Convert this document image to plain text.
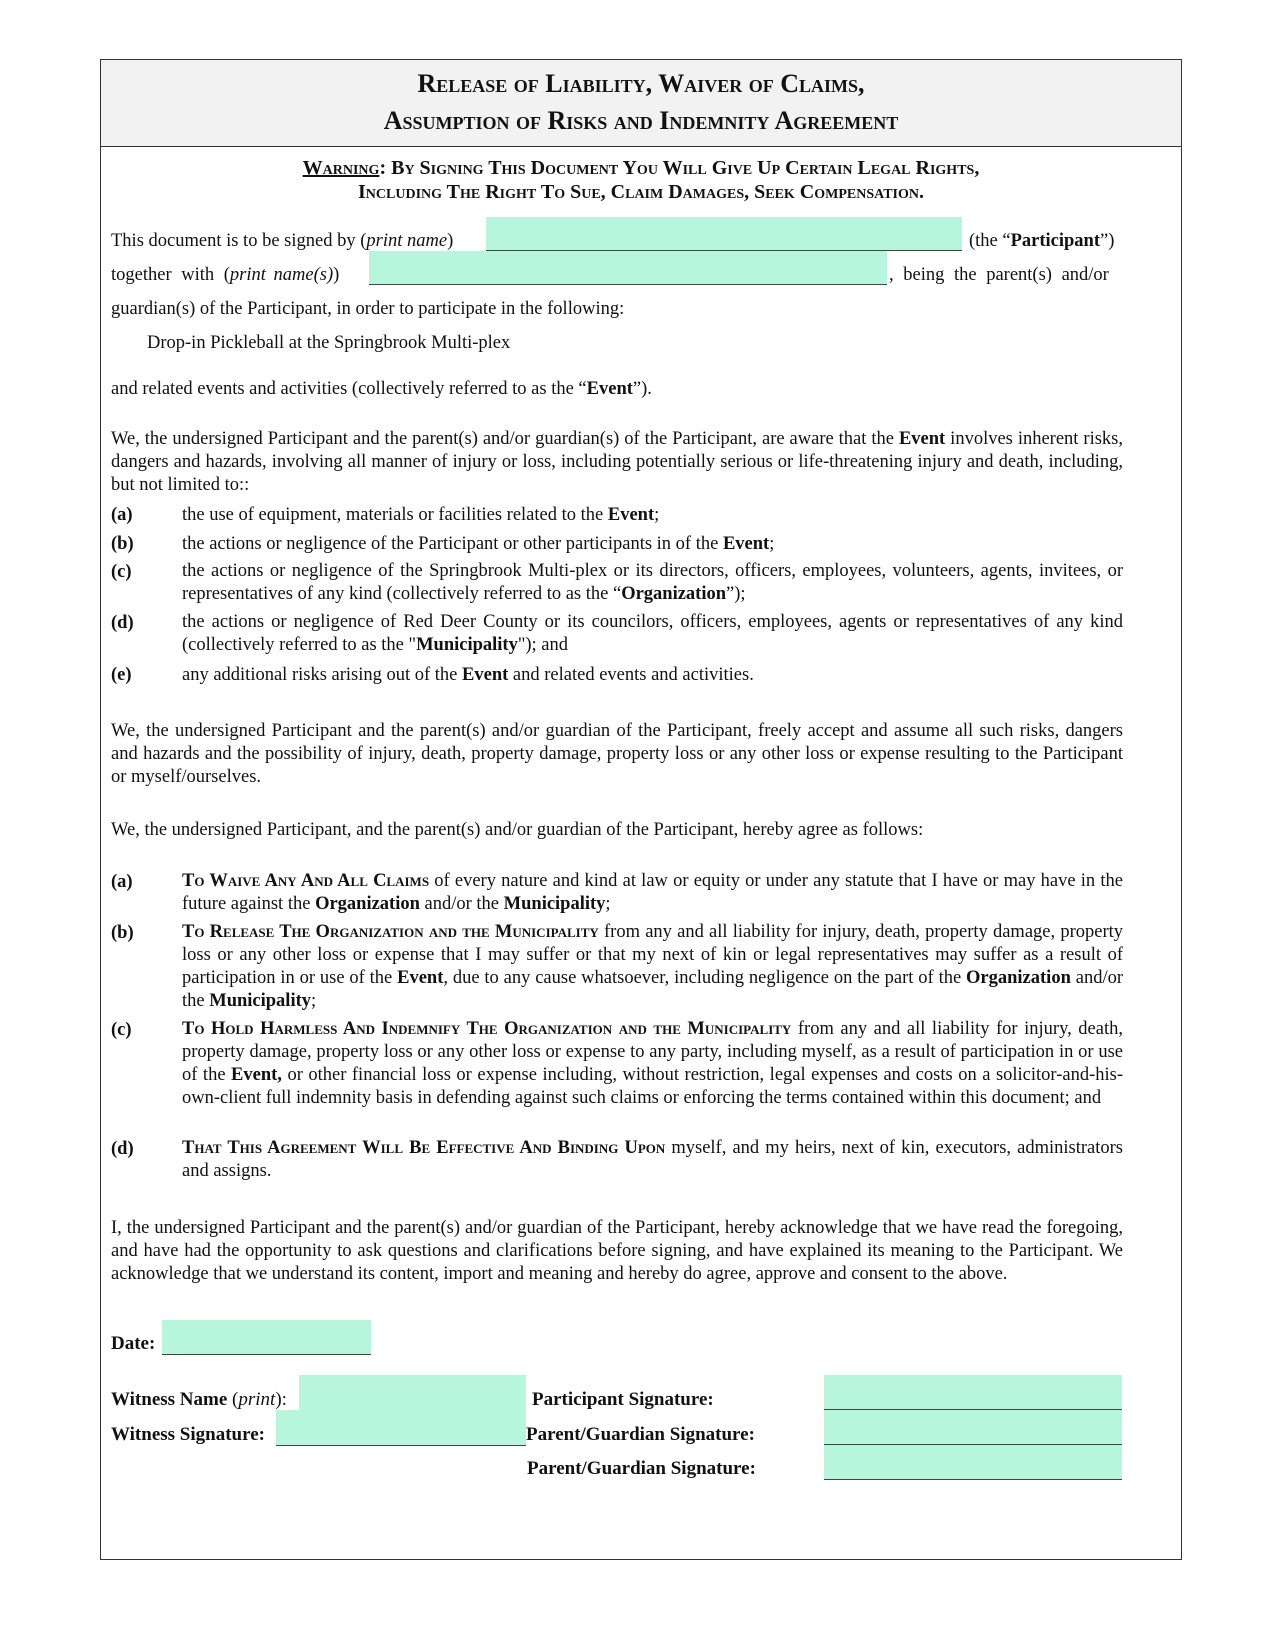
Release of Liability, Waiver of Claims,
Assumption of Risks and Indemnity Agreement
Warning: By Signing This Document You Will Give Up Certain Legal Rights,
Including The Right To Sue, Claim Damages, Seek Compensation.
This document is to be signed by (print name)	(the “Participant”)
together with (print name(s))	, being the parent(s) and/or
guardian(s) of the Participant, in order to participate in the following:
Drop-in Pickleball at the Springbrook Multi-plex
and related events and activities (collectively referred to as the “Event”).
We, the undersigned Participant and the parent(s) and/or guardian(s) of the Participant, are aware that the Event involves inherent risks, dangers and hazards, involving all manner of injury or loss, including potentially serious or life-threatening injury and death, including, but not limited to::
(a)	the use of equipment, materials or facilities related to the Event;
(b)	the actions or negligence of the Participant or other participants in of the Event;
(c)	the actions or negligence of the Springbrook Multi-plex or its directors, officers, employees, volunteers, agents, invitees, or representatives of any kind (collectively referred to as the “Organization”);
(d)	the actions or negligence of Red Deer County or its councilors, officers, employees, agents or representatives of any kind (collectively referred to as the "Municipality"); and
(e)	any additional risks arising out of the Event and related events and activities.
We, the undersigned Participant and the parent(s) and/or guardian of the Participant, freely accept and assume all such risks, dangers and hazards and the possibility of injury, death, property damage, property loss or any other loss or expense resulting to the Participant or myself/ourselves.
We, the undersigned Participant, and the parent(s) and/or guardian of the Participant, hereby agree as follows:
(a)	To Waive Any And All Claims of every nature and kind at law or equity or under any statute that I have or may have in the future against the Organization and/or the Municipality;
(b)	To Release The Organization and the Municipality from any and all liability for injury, death, property damage, property loss or any other loss or expense that I may suffer or that my next of kin or legal representatives may suffer as a result of participation in or use of the Event, due to any cause whatsoever, including negligence on the part of the Organization and/or the Municipality;
(c)	To Hold Harmless And Indemnify The Organization and the Municipality from any and all liability for injury, death, property damage, property loss or any other loss or expense to any party, including myself, as a result of participation in or use of the Event, or other financial loss or expense including, without restriction, legal expenses and costs on a solicitor-and-his-own-client full indemnity basis in defending against such claims or enforcing the terms contained within this document; and
(d)	That This Agreement Will Be Effective And Binding Upon myself, and my heirs, next of kin, executors, administrators and assigns.
I, the undersigned Participant and the parent(s) and/or guardian of the Participant, hereby acknowledge that we have read the foregoing, and have had the opportunity to ask questions and clarifications before signing, and have explained its meaning to the Participant. We acknowledge that we understand its content, import and meaning and hereby do agree, approve and consent to the above.
Date:
Witness Name (print):
Witness Signature:
Participant Signature:
Parent/Guardian Signature:
Parent/Guardian Signature:
